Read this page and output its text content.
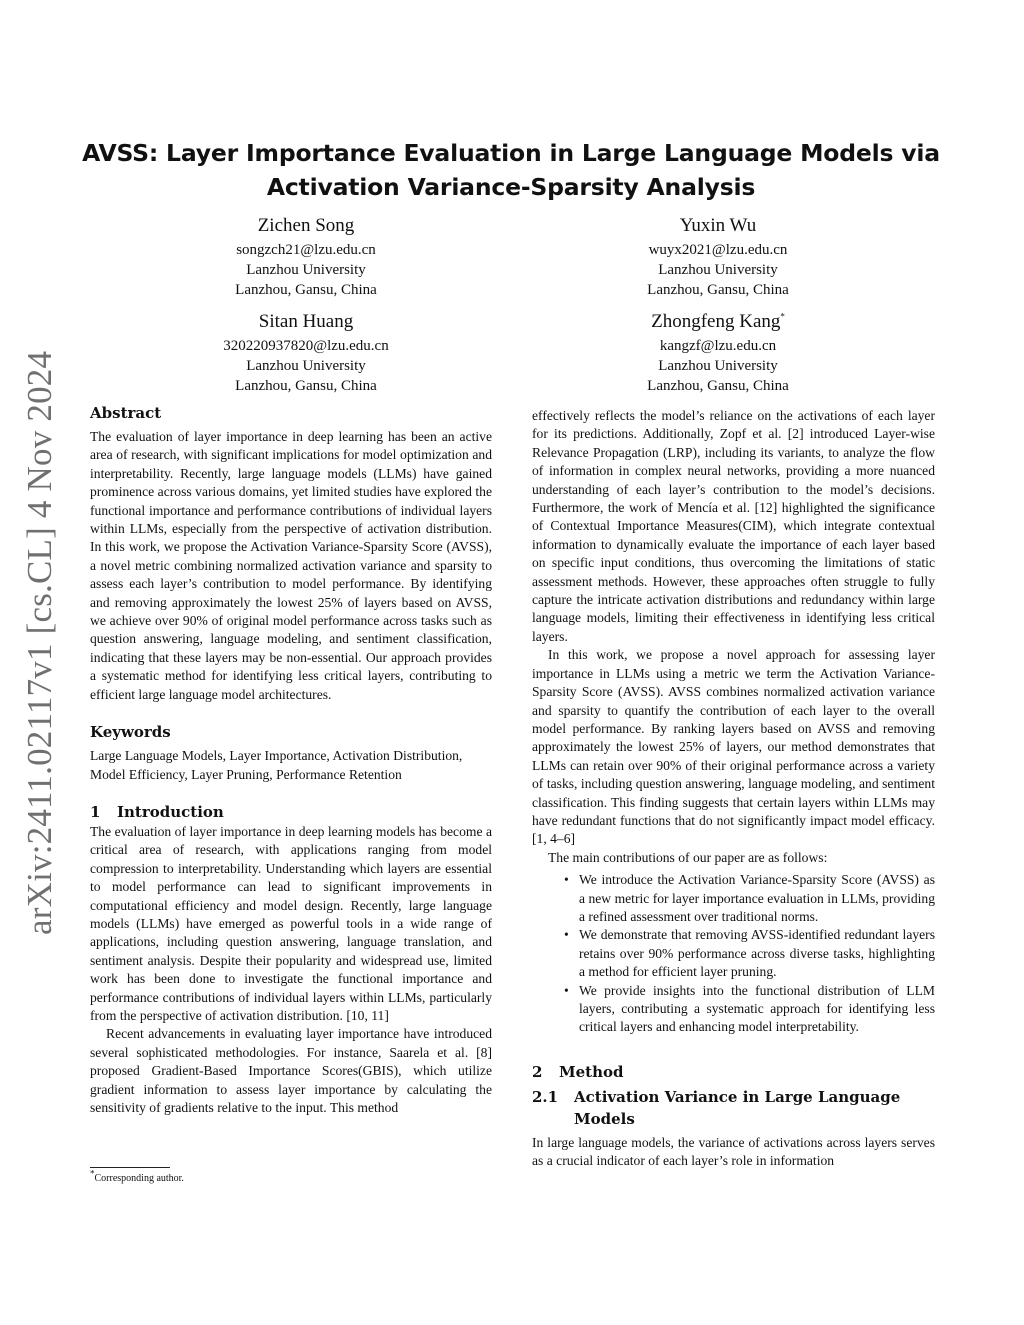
arXiv:2411.02117v1 [cs.CL] 4 Nov 2024
AVSS: Layer Importance Evaluation in Large Language Models via
Activation Variance-Sparsity Analysis
Zichen Song
songzch21@lzu.edu.cn
Lanzhou University
Lanzhou, Gansu, China
Yuxin Wu
wuyx2021@lzu.edu.cn
Lanzhou University
Lanzhou, Gansu, China
Sitan Huang
320220937820@lzu.edu.cn
Lanzhou University
Lanzhou, Gansu, China
Zhongfeng Kang*
kangzf@lzu.edu.cn
Lanzhou University
Lanzhou, Gansu, China
Abstract

The evaluation of layer importance in deep learning has been an active area of research, with significant implications for model optimization and interpretability. Recently, large language models (LLMs) have gained prominence across various domains, yet limited studies have explored the functional importance and performance contributions of individual layers within LLMs, especially from the perspective of activation distribution. In this work, we propose the Activation Variance-Sparsity Score (AVSS), a novel metric combining normalized activation variance and sparsity to assess each layer’s contribution to model performance. By identifying and removing approximately the lowest 25% of layers based on AVSS, we achieve over 90% of original model performance across tasks such as question answering, language modeling, and sentiment classification, indicating that these layers may be non-essential. Our approach provides a systematic method for identifying less critical layers, contributing to efficient large language model architectures.

Keywords

Large Language Models, Layer Importance, Activation Distribution, Model Efficiency, Layer Pruning, Performance Retention

1	Introduction

The evaluation of layer importance in deep learning models has become a critical area of research, with applications ranging from model compression to interpretability. Understanding which layers are essential to model performance can lead to significant improvements in computational efficiency and model design. Recently, large language models (LLMs) have emerged as powerful tools in a wide range of applications, including question answering, language translation, and sentiment analysis. Despite their popularity and widespread use, limited work has been done to investigate the functional importance and performance contributions of individual layers within LLMs, particularly from the perspective of activation distribution. [10, 11]

Recent advancements in evaluating layer importance have introduced several sophisticated methodologies. For instance, Saarela et al. [8] proposed Gradient-Based Importance Scores(GBIS), which utilize gradient information to assess layer importance by calculating the sensitivity of gradients relative to the input. This method

effectively reflects the model’s reliance on the activations of each layer for its predictions. Additionally, Zopf et al. [2] introduced Layer-wise Relevance Propagation (LRP), including its variants, to analyze the flow of information in complex neural networks, providing a more nuanced understanding of each layer’s contribution to the model’s decisions. Furthermore, the work of Mencía et al. [12] highlighted the significance of Contextual Importance Measures(CIM), which integrate contextual information to dynamically evaluate the importance of each layer based on specific input conditions, thus overcoming the limitations of static assessment methods. However, these approaches often struggle to fully capture the intricate activation distributions and redundancy within large language models, limiting their effectiveness in identifying less critical layers.

In this work, we propose a novel approach for assessing layer importance in LLMs using a metric we term the Activation Variance-Sparsity Score (AVSS). AVSS combines normalized activation variance and sparsity to quantify the contribution of each layer to the overall model performance. By ranking layers based on AVSS and removing approximately the lowest 25% of layers, our method demonstrates that LLMs can retain over 90% of their original performance across a variety of tasks, including question answering, language modeling, and sentiment classification. This finding suggests that certain layers within LLMs may have redundant functions that do not significantly impact model efficacy. [1, 4–6]

The main contributions of our paper are as follows:

• We introduce the Activation Variance-Sparsity Score (AVSS) as a new metric for layer importance evaluation in LLMs, providing a refined assessment over traditional norms.
• We demonstrate that removing AVSS-identified redundant layers retains over 90% performance across diverse tasks, highlighting a method for efficient layer pruning.
• We provide insights into the functional distribution of LLM layers, contributing a systematic approach for identifying less critical layers and enhancing model interpretability.
2	Method
2.1	Activation Variance in Large Language Models

In large language models, the variance of activations across layers serves as a crucial indicator of each layer’s role in information

*Corresponding author.
